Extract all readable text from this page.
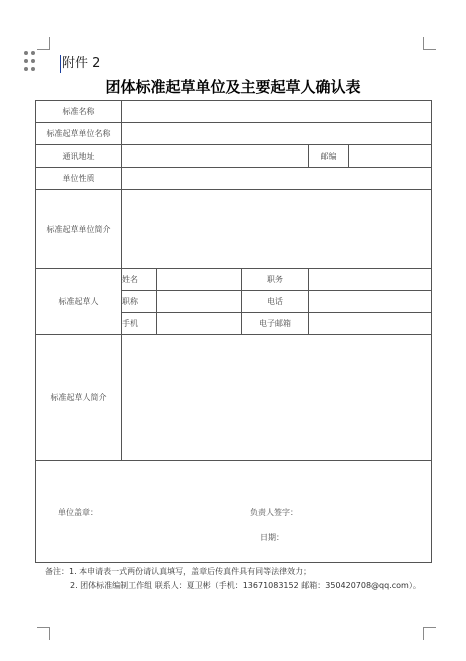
附件 2
团体标准起草单位及主要起草人确认表
标准名称					
标准起草单位名称					
通讯地址				邮编	
单位性质					
标准起草单位简介					
标准起草人	姓名		职务		
	职称		电话		
	手机		电子邮箱		
标准起草人简介					

单位盖章： 负责人签字：
日期：					
备注：1. 本申请表一式两份请认真填写，盖章后传真件具有同等法律效力；
2. 团体标准编制工作组 联系人：夏卫彬（手机：13671083152 邮箱：350420708@qq.com）。
